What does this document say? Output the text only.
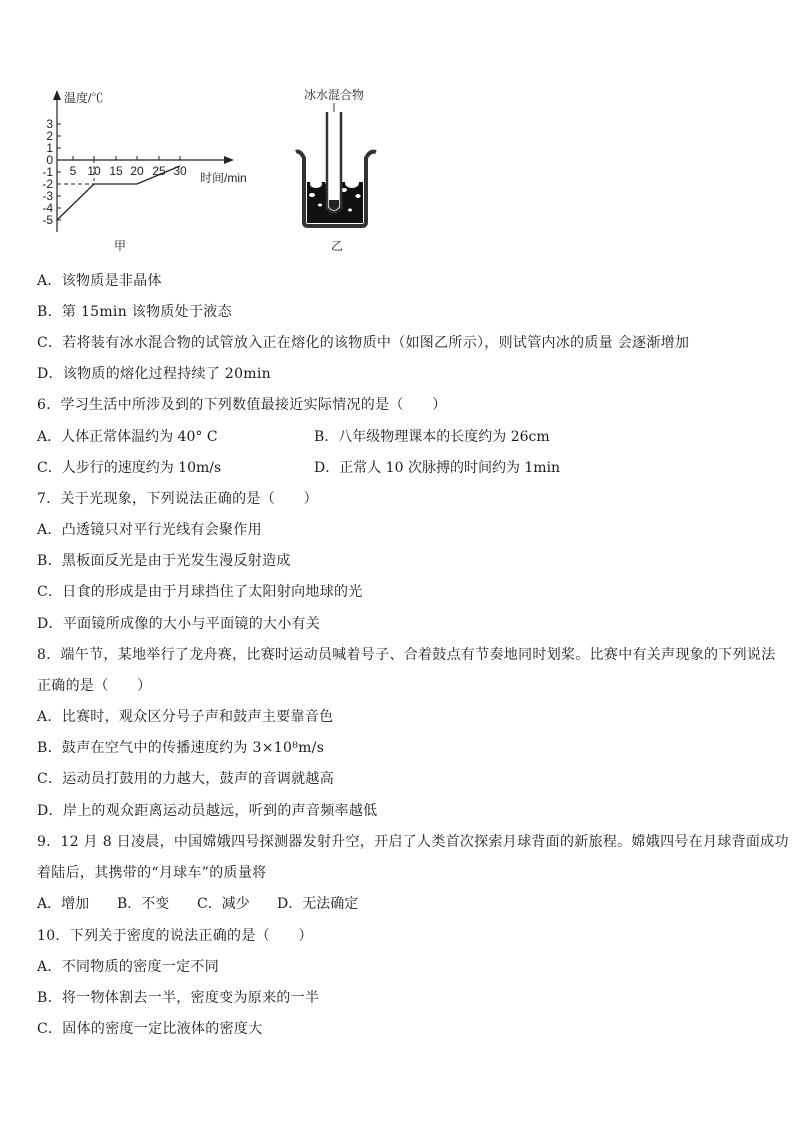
温度/℃
时间/min
3
2
1
0
-1
-2
-3
-4
-5
5 10 15 20 25 30
甲
冰水混合物
乙
A．该物质是非晶体
B．第 15min 该物质处于液态
C．若将装有冰水混合物的试管放入正在熔化的该物质中（如图乙所示），则试管内冰的质量 会逐渐增加
D．该物质的熔化过程持续了 20min
6．学习生活中所涉及到的下列数值最接近实际情况的是（　　）
A．人体正常体温约为 40° C	B．八年级物理课本的长度约为 26cm
C．人步行的速度约为 10m/s	D．正常人 10 次脉搏的时间约为 1min
7．关于光现象，下列说法正确的是（　　）
A．凸透镜只对平行光线有会聚作用
B．黑板面反光是由于光发生漫反射造成
C．日食的形成是由于月球挡住了太阳射向地球的光
D．平面镜所成像的大小与平面镜的大小有关
8．端午节，某地举行了龙舟赛，比赛时运动员喊着号子、合着鼓点有节奏地同时划桨。比赛中有关声现象的下列说法
正确的是（　　）
A．比赛时，观众区分号子声和鼓声主要靠音色
B．鼓声在空气中的传播速度约为 3×10⁸m/s
C．运动员打鼓用的力越大，鼓声的音调就越高
D．岸上的观众距离运动员越远，听到的声音频率越低
9．12 月 8 日凌晨，中国嫦娥四号探测器发射升空，开启了人类首次探索月球背面的新旅程。嫦娥四号在月球背面成功
着陆后，其携带的“月球车”的质量将
A．增加 B．不变 C．减少 D．无法确定
10．下列关于密度的说法正确的是（　　）
A．不同物质的密度一定不同
B．将一物体割去一半，密度变为原来的一半
C．固体的密度一定比液体的密度大
